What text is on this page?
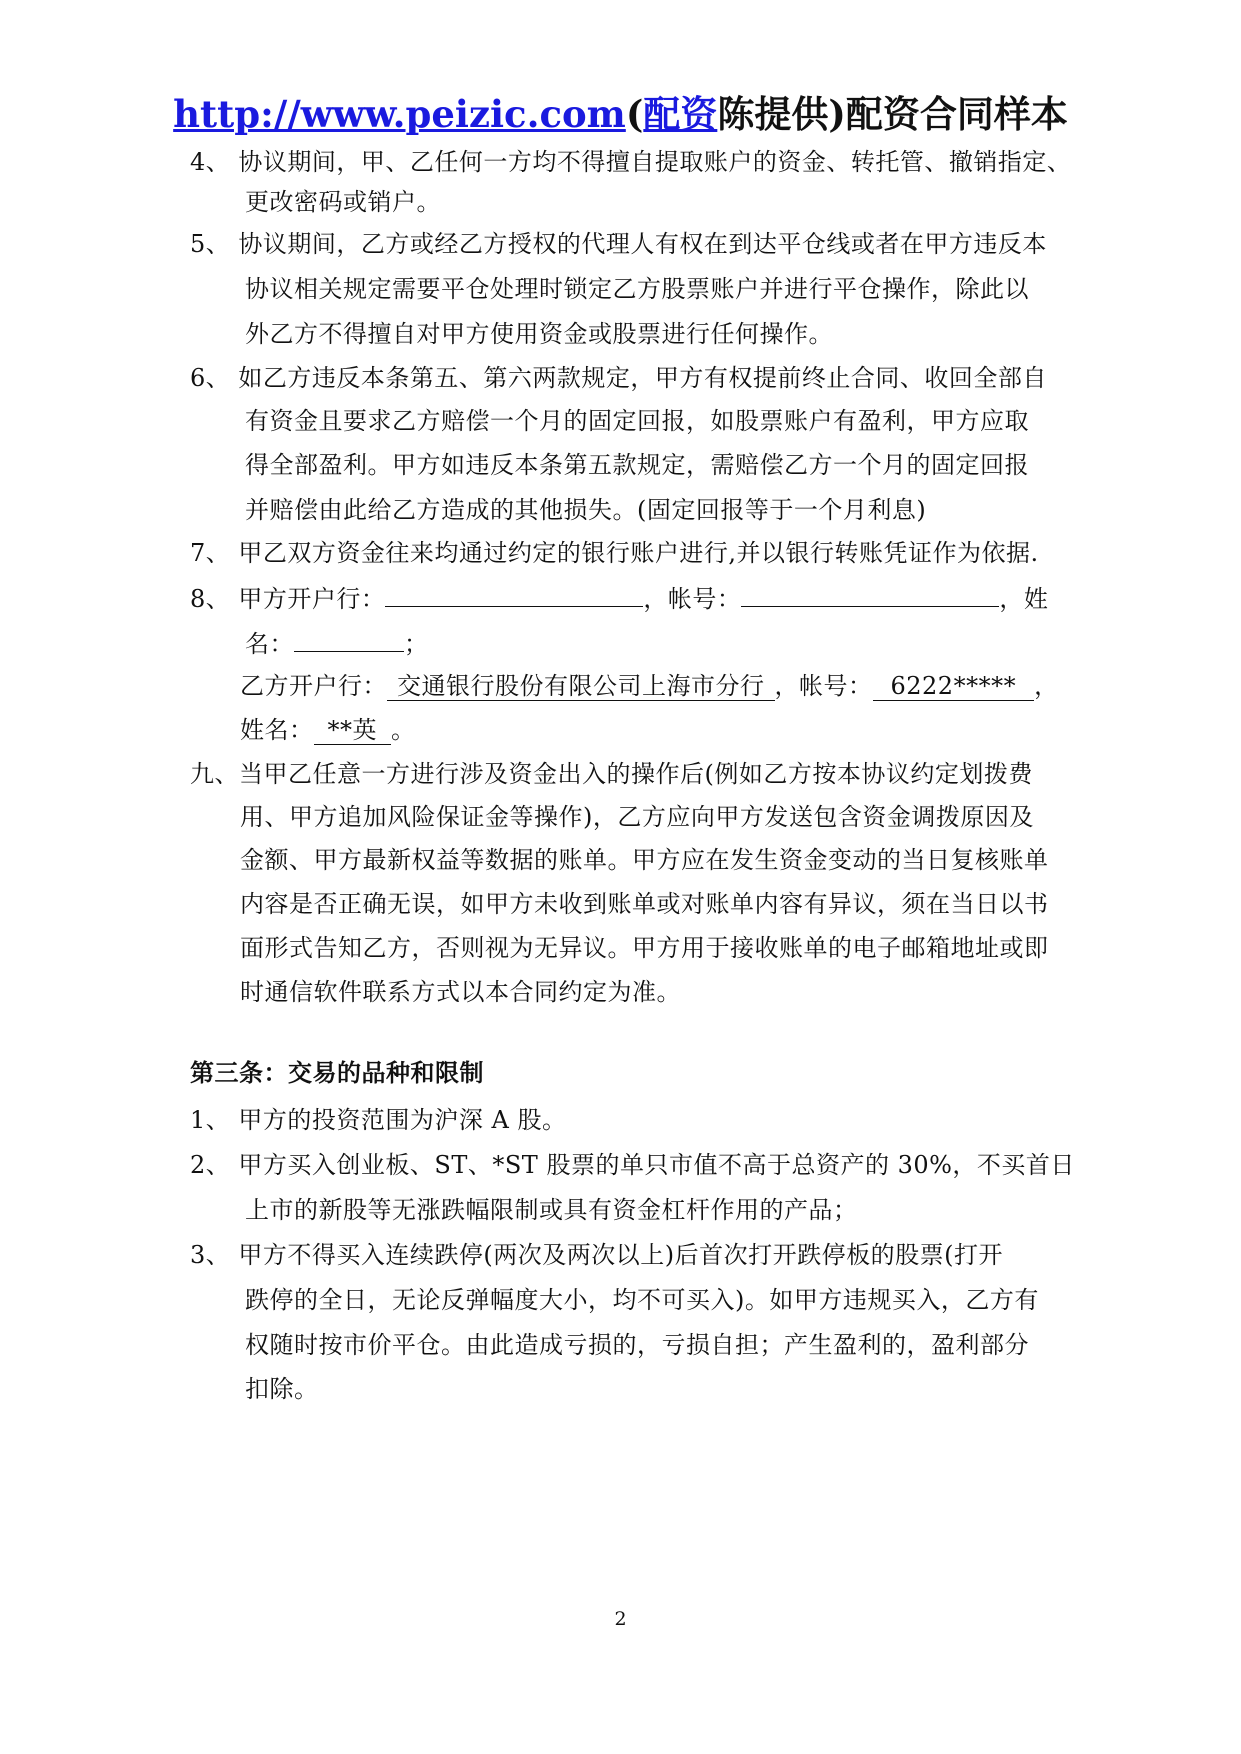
http://www.peizic.com(配资陈提供)配资合同样本
4、 协议期间，甲、乙任何一方均不得擅自提取账户的资金、转托管、撤销指定、
更改密码或销户。
5、 协议期间，乙方或经乙方授权的代理人有权在到达平仓线或者在甲方违反本
协议相关规定需要平仓处理时锁定乙方股票账户并进行平仓操作，除此以
外乙方不得擅自对甲方使用资金或股票进行任何操作。
6、 如乙方违反本条第五、第六两款规定，甲方有权提前终止合同、收回全部自
有资金且要求乙方赔偿一个月的固定回报，如股票账户有盈利，甲方应取
得全部盈利。甲方如违反本条第五款规定，需赔偿乙方一个月的固定回报
并赔偿由此给乙方造成的其他损失。(固定回报等于一个月利息)
7、 甲乙双方资金往来均通过约定的银行账户进行,并以银行转账凭证作为依据.
8、 甲方开户行：	，帐号：	，姓
名：	；
乙方开户行： 交通银行股份有限公司上海市分行 ，帐号： 6222***** ，
姓名： **英 。
九、当甲乙任意一方进行涉及资金出入的操作后(例如乙方按本协议约定划拨费
用、甲方追加风险保证金等操作)，乙方应向甲方发送包含资金调拨原因及
金额、甲方最新权益等数据的账单。甲方应在发生资金变动的当日复核账单
内容是否正确无误，如甲方未收到账单或对账单内容有异议，须在当日以书
面形式告知乙方，否则视为无异议。甲方用于接收账单的电子邮箱地址或即
时通信软件联系方式以本合同约定为准。
第三条：交易的品种和限制
1、 甲方的投资范围为沪深 A 股。
2、 甲方买入创业板、ST、*ST 股票的单只市值不高于总资产的 30%，不买首日
上市的新股等无涨跌幅限制或具有资金杠杆作用的产品；
3、 甲方不得买入连续跌停(两次及两次以上)后首次打开跌停板的股票(打开
跌停的全日，无论反弹幅度大小，均不可买入)。如甲方违规买入，乙方有
权随时按市价平仓。由此造成亏损的，亏损自担；产生盈利的，盈利部分
扣除。
2
